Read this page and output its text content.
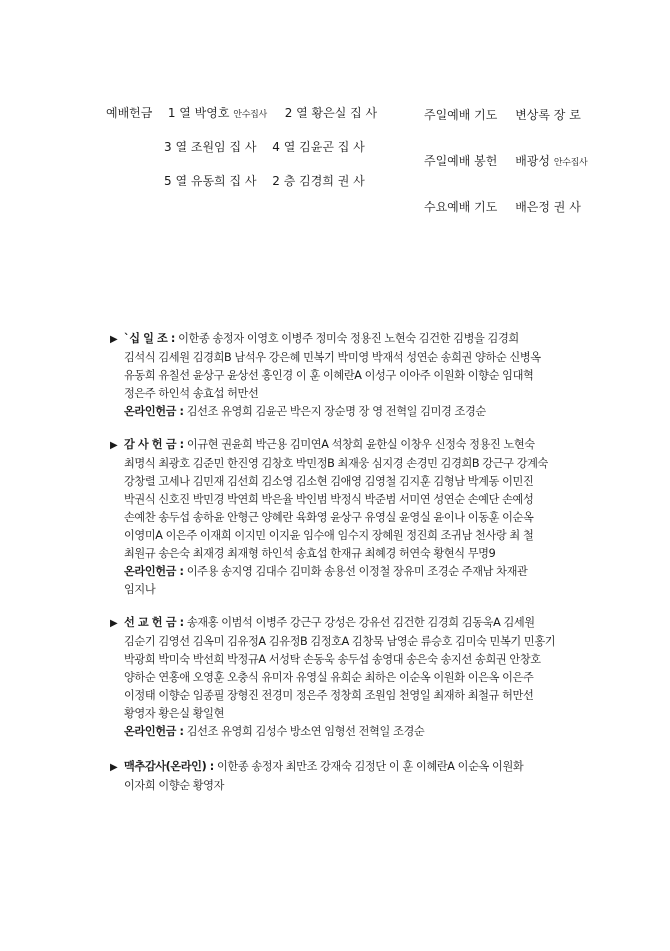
예배헌금 1 열 박영호 안수집사 2 열 황은실 집 사
3 열 조원임 집 사 4 열 김윤곤 집 사
5 열 유동희 집 사 2 층 김경희 권 사
주일예배 기도 변상록 장 로
주일예배 봉헌 배광성 안수집사
수요예배 기도 배은정 권 사
▶ `십 일 조 : 이한종 송정자 이영호 이병주 정미숙 정용진 노현숙 김건한 김병을 김경희
김석식 김세원 김경희B 남석우 강은혜 민복기 박미영 박재석 성연순 송희권 양하순 신병옥
유동희 유칠선 윤상구 윤상선 홍인경 이 훈 이혜란A 이성구 이아주 이원화 이향순 임대혁
정은주 하인석 송효섭 허만선
온라인헌금 : 김선조 유영희 김윤곤 박은지 장순명 장 영 전혁일 김미경 조경순
▶ 감 사 헌 금 : 이규현 권윤희 박근용 김미연A 석창희 윤한실 이창우 신정숙 정용진 노현숙
최명식 최광호 김준민 한진영 김창호 박민정B 최재웅 심지경 손경민 김경희B 강근구 강계숙
강창렬 고세나 김민재 김선희 김소영 김소현 김애영 김영철 김지훈 김형남 박계동 이민진
박권식 신호진 박민경 박연희 박은율 박인범 박정식 박준범 서미연 성연순 손예단 손예성
손예찬 송두섭 송하윤 안형근 양혜란 육화영 윤상구 유영실 윤영실 윤이나 이동훈 이순옥
이영미A 이은주 이재희 이지민 이지윤 임수애 임수지 장혜원 정진희 조귀남 천사랑 최 철
최원규 송은숙 최재경 최재형 하인석 송효섭 한재규 최혜경 허연숙 황현식 무명9
온라인헌금 : 이주용 송지영 김대수 김미화 송용선 이정철 장유미 조경순 주재남 차재관
임지나
▶ 선 교 헌 금 : 송재홍 이범석 이병주 강근구 강성은 강유선 김건한 김경희 김동욱A 김세원
김순기 김영선 김옥미 김유정A 김유정B 김정호A 김창묵 남영순 류승호 김미숙 민복기 민홍기
박광희 박미숙 박선희 박정규A 서성탁 손동욱 송두섭 송영대 송은숙 송지선 송희권 안창호
양하순 연홍애 오영훈 오충식 유미자 유영실 유희순 최하은 이순옥 이원화 이은옥 이은주
이정태 이향순 임종필 장형진 전경미 정은주 정창희 조원임 천영일 최재하 최철규 허만선
황영자 황은실 황일현
온라인헌금 : 김선조 유영희 김성수 방소연 임형선 전혁일 조경순
▶ 맥추감사(온라인) : 이한종 송정자 최만조 강재숙 김정단 이 훈 이혜란A 이순옥 이원화
이자희 이향순 황영자
